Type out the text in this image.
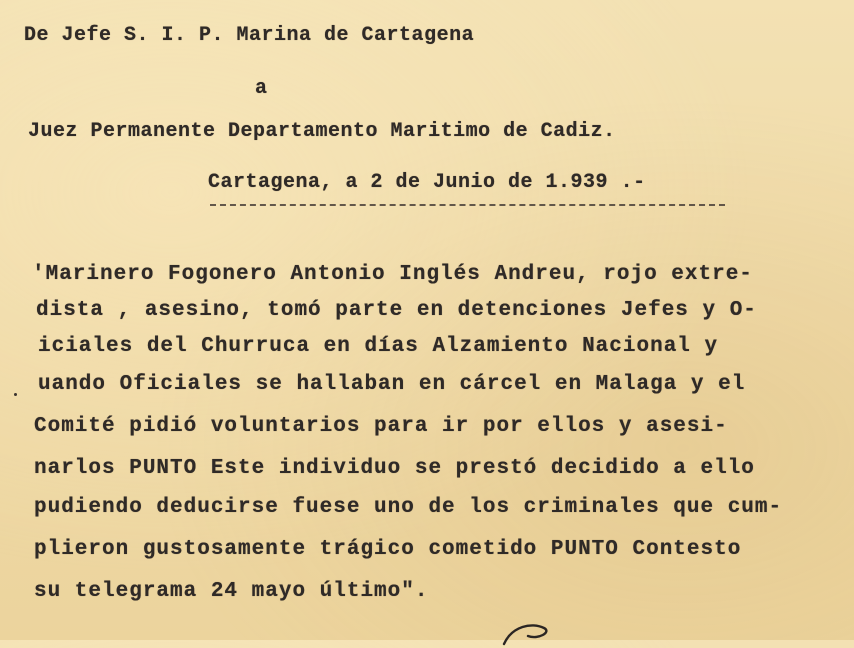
De Jefe S. I. P. Marina de Cartagena
a
Juez Permanente Departamento Maritimo de Cadiz.
Cartagena, a 2 de Junio de 1.939 .-
'Marinero Fogonero Antonio Inglés Andreu, rojo extre-
dista , asesino, tomó parte en detenciones Jefes y O-
iciales del Churruca en días Alzamiento Nacional y
uando Oficiales se hallaban en cárcel en Malaga y el
Comité pidió voluntarios para ir por ellos y asesi-
narlos PUNTO Este individuo se prestó decidido a ello
pudiendo deducirse fuese uno de los criminales que cum-
plieron gustosamente trágico cometido PUNTO Contesto
su telegrama 24 mayo último".
